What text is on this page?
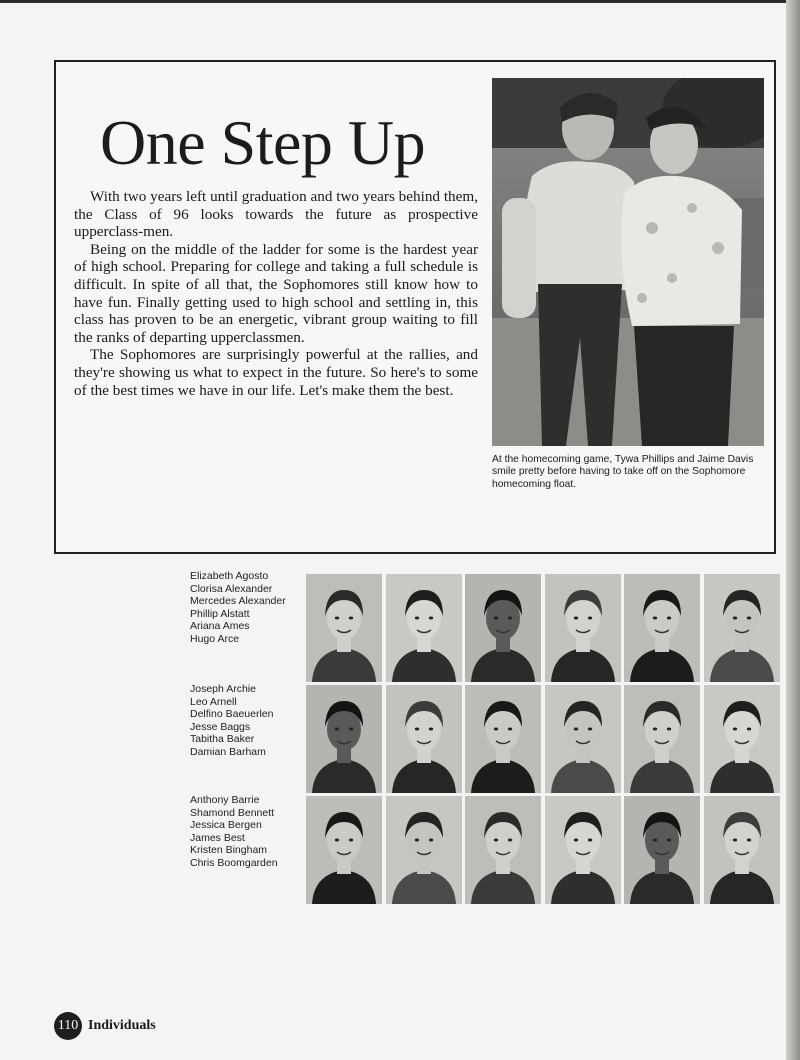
One Step Up

With two years left until graduation and two years behind them, the Class of 96 looks towards the future as prospective upperclass-men.

Being on the middle of the ladder for some is the hardest year of high school. Preparing for college and taking a full schedule is difficult. In spite of all that, the Sophomores still know how to have fun. Finally getting used to high school and settling in, this class has proven to be an energetic, vibrant group waiting to fill the ranks of departing upperclassmen.

The Sophomores are surprisingly powerful at the rallies, and they're showing us what to expect in the future. So here's to some of the best times we have in our life. Let's make them the best.

At the homecoming game, Tywa Phillips and Jaime Davis smile pretty before having to take off on the Sophomore homecoming float.
Elizabeth Agosto
Clorisa Alexander
Mercedes Alexander
Phillip Alstatt
Ariana Ames
Hugo Arce
Joseph Archie
Leo Arnell
Delfino Baeuerlen
Jesse Baggs
Tabitha Baker
Damian Barham
Anthony Barrie
Shamond Bennett
Jessica Bergen
James Best
Kristen Bingham
Chris Boomgarden
110 Individuals
